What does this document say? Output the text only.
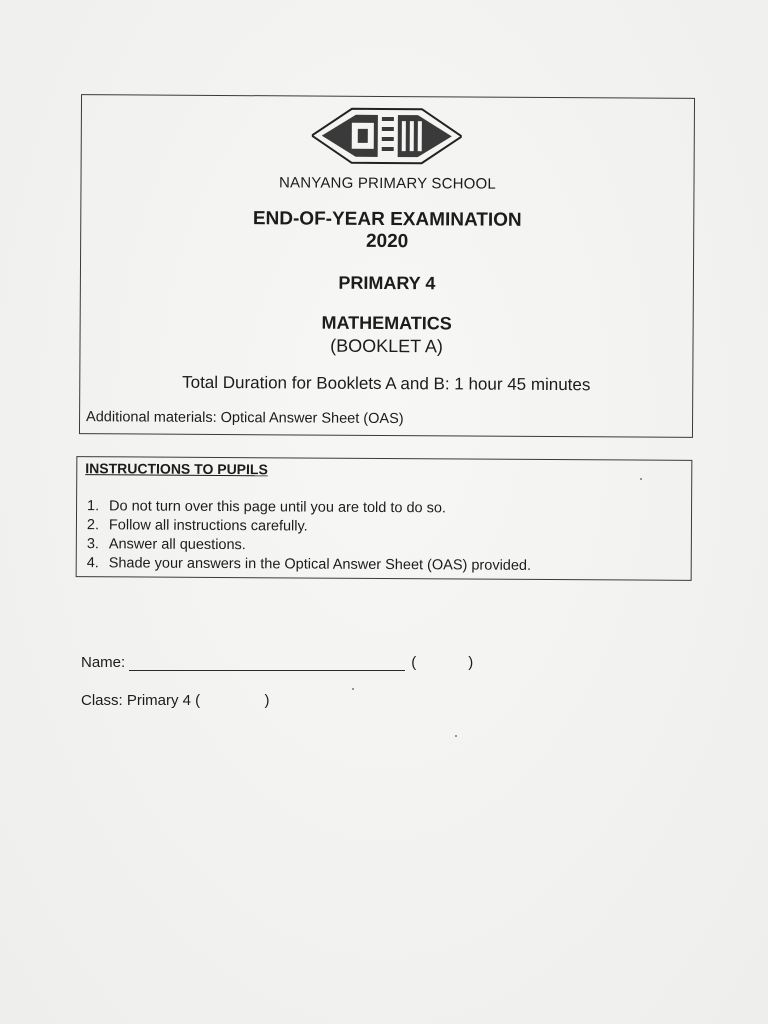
NANYANG PRIMARY SCHOOL
END-OF-YEAR EXAMINATION
2020
PRIMARY 4
MATHEMATICS
(BOOKLET A)
Total Duration for Booklets A and B: 1 hour 45 minutes
Additional materials: Optical Answer Sheet (OAS)
INSTRUCTIONS TO PUPILS
1. Do not turn over this page until you are told to do so.
2. Follow all instructions carefully.
3. Answer all questions.
4. Shade your answers in the Optical Answer Sheet (OAS) provided.
Name:	(	)
Class: Primary 4 (	)
